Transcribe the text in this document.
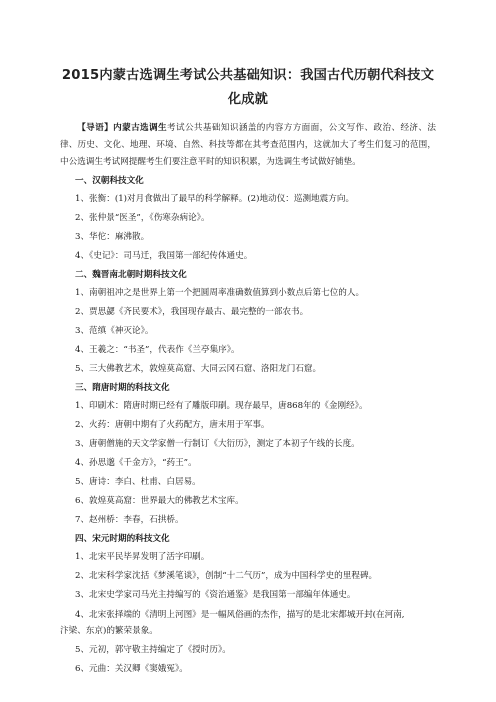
2015内蒙古选调生考试公共基础知识：我国古代历朝代科技文
化成就

【导语】内蒙古选调生考试公共基础知识涵盖的内容方方面面，公文写作、政治、经济、法律、历史、文化、地理、环境、自然、科技等都在其考查范围内，这就加大了考生们复习的范围，中公选调生考试网提醒考生们要注意平时的知识积累，为选调生考试做好铺垫。

一、汉朝科技文化

1、张衡：(1)对月食做出了最早的科学解释。(2)地动仪：巡测地震方向。

2、张仲景“医圣”，《伤寒杂病论》。

3、华佗：麻沸散。

4、《史记》：司马迁，我国第一部纪传体通史。

二、魏晋南北朝时期科技文化

1、南朝祖冲之是世界上第一个把圆周率准确数值算到小数点后第七位的人。

2、贾思勰《齐民要术》，我国现存最古、最完整的一部农书。

3、范缜《神灭论》。

4、王羲之：“书圣”，代表作《兰亭集序》。

5、三大佛教艺术，敦煌莫高窟、大同云冈石窟、洛阳龙门石窟。

三、隋唐时期的科技文化

1、印刷术：隋唐时期已经有了雕版印刷。现存最早，唐868年的《金刚经》。

2、火药：唐朝中期有了火药配方，唐末用于军事。

3、唐朝僧施的天文学家僧一行制订《大衍历》，测定了本初子午线的长度。

4、孙思邈《千金方》，“药王”。

5、唐诗：李白、杜甫、白居易。

6、敦煌莫高窟：世界最大的佛教艺术宝库。

7、赵州桥：李春，石拱桥。

四、宋元时期的科技文化

1、北宋平民毕昇发明了活字印刷。

2、北宋科学家沈括《梦溪笔谈》，创制“十二气历”，成为中国科学史的里程碑。

3、北宋史学家司马光主持编写的《资治通鉴》是我国第一部编年体通史。

4、北宋张择端的《清明上河图》是一幅风俗画的杰作，描写的是北宋都城开封(在河南,
汴梁、东京)的繁荣景象。

5、元初，郭守敬主持编定了《授时历》。

6、元曲：关汉卿《窦娥冤》。
